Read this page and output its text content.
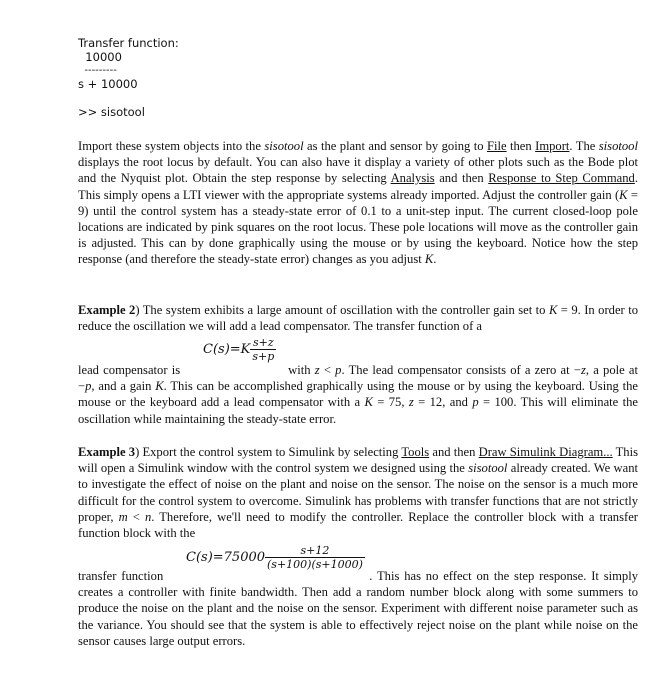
Transfer function:
10000
---------
s + 10000
>> sisotool
Import these system objects into the sisotool as the plant and sensor by going to File then Import. The sisotool displays the root locus by default. You can also have it display a variety of other plots such as the Bode plot and the Nyquist plot. Obtain the step response by selecting Analysis and then Response to Step Command. This simply opens a LTI viewer with the appropriate systems already imported. Adjust the controller gain (K = 9) until the control system has a steady-state error of 0.1 to a unit-step input. The current closed-loop pole locations are indicated by pink squares on the root locus. These pole locations will move as the controller gain is adjusted. This can by done graphically using the mouse or by using the keyboard. Notice how the step response (and therefore the steady-state error) changes as you adjust K.
Example 2) The system exhibits a large amount of oscillation with the controller gain set to K = 9. In order to reduce the oscillation we will add a lead compensator. The transfer function of a
$C(s)=K \frac{s+z}{s+p}$
lead compensator is	with z < p. The lead compensator consists of a zero at −z, a pole at −p, and a gain K. This can be accomplished graphically using the mouse or by using the keyboard. Using the mouse or the keyboard add a lead compensator with a K = 75, z = 12, and p = 100. This will eliminate the oscillation while maintaining the steady-state error.
Example 3) Export the control system to Simulink by selecting Tools and then Draw Simulink Diagram... This will open a Simulink window with the control system we designed using the sisotool already created. We want to investigate the effect of noise on the plant and noise on the sensor. The noise on the sensor is a much more difficult for the control system to overcome. Simulink has problems with transfer functions that are not strictly proper, m < n. Therefore, we'll need to modify the controller. Replace the controller block with a transfer function block with the
$C(s)=75000 \frac{s+12}{(s+100)(s+1000)}$
transfer function	. This has no effect on the step response. It simply creates a controller with finite bandwidth. Then add a random number block along with some summers to produce the noise on the plant and the noise on the sensor. Experiment with different noise parameter such as the variance. You should see that the system is able to effectively reject noise on the plant while noise on the sensor causes large output errors.
